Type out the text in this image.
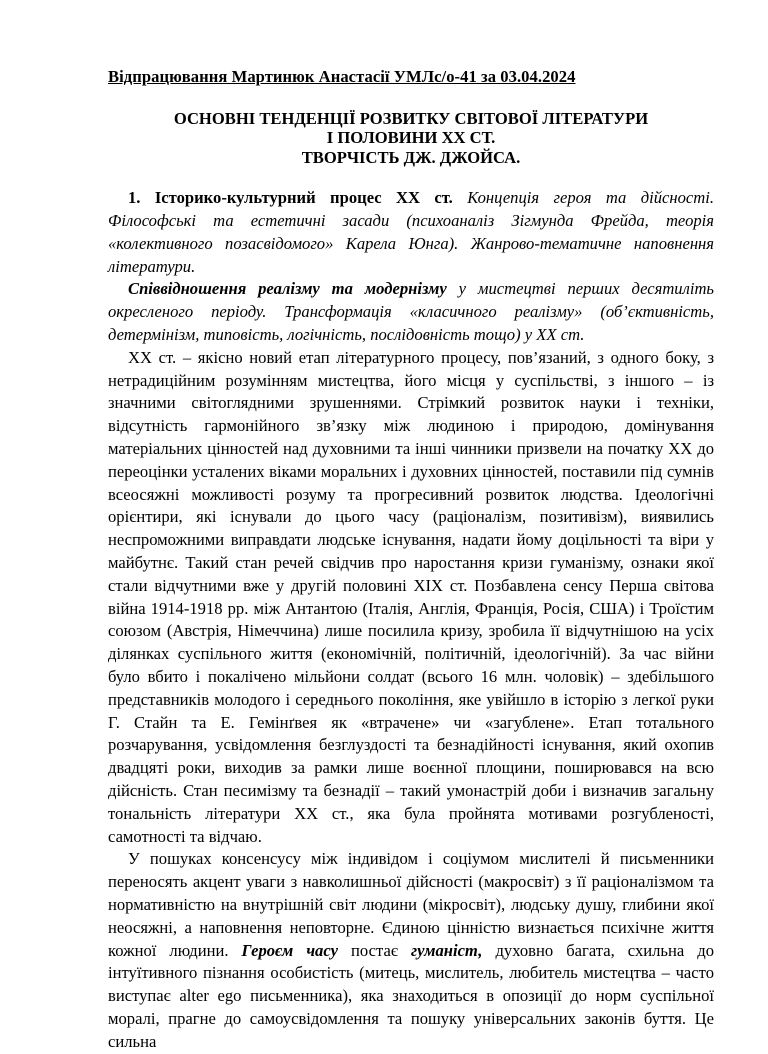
Відпрацювання Мартинюк Анастасії УМЛс/о-41 за 03.04.2024
ОСНОВНІ ТЕНДЕНЦІЇ РОЗВИТКУ СВІТОВОЇ ЛІТЕРАТУРИ
І ПОЛОВИНИ ХХ СТ.
ТВОРЧІСТЬ ДЖ. ДЖОЙСА.

1. Історико-культурний процес ХХ ст. Концепція героя та дійсності. Філософські та естетичні засади (психоаналіз Зігмунда Фрейда, теорія «колективного позасвідомого» Карела Юнга). Жанрово-тематичне наповнення літератури.

Співвідношення реалізму та модернізму у мистецтві перших десятиліть окресленого періоду. Трансформація «класичного реалізму» (об’єктивність, детермінізм, типовість, логічність, послідовність тощо) у ХХ ст.

ХХ ст. – якісно новий етап літературного процесу, пов’язаний, з одного боку, з нетрадиційним розумінням мистецтва, його місця у суспільстві, з іншого – із значними світоглядними зрушеннями. Стрімкий розвиток науки і техніки, відсутність гармонійного зв’язку між людиною і природою, домінування матеріальних цінностей над духовними та інші чинники призвели на початку ХХ до переоцінки усталених віками моральних і духовних цінностей, поставили під сумнів всеосяжні можливості розуму та прогресивний розвиток людства. Ідеологічні орієнтири, які існували до цього часу (раціоналізм, позитивізм), виявились неспроможними виправдати людське існування, надати йому доцільності та віри у майбутнє. Такий стан речей свідчив про наростання кризи гуманізму, ознаки якої стали відчутними вже у другій половині ХІХ ст. Позбавлена сенсу Перша світова війна 1914-1918 рр. між Антантою (Італія, Англія, Франція, Росія, США) і Троїстим союзом (Австрія, Німеччина) лише посилила кризу, зробила її відчутнішою на усіх ділянках суспільного життя (економічній, політичній, ідеологічній). За час війни було вбито і покалічено мільйони солдат (всього 16 млн. чоловік) – здебільшого представників молодого і середнього покоління, яке увійшло в історію з легкої руки Г. Стайн та Е. Гемінґвея як «втрачене» чи «загублене». Етап тотального розчарування, усвідомлення безглуздості та безнадійності існування, який охопив двадцяті роки, виходив за рамки лише воєнної площини, поширювався на всю дійсність. Стан песимізму та безнадії – такий умонастрій доби і визначив загальну тональність літератури ХХ ст., яка була пройнята мотивами розгубленості, самотності та відчаю.

У пошуках консенсусу між індивідом і соціумом мислителі й письменники переносять акцент уваги з навколишньої дійсності (макросвіт) з її раціоналізмом та нормативністю на внутрішній світ людини (мікросвіт), людську душу, глибини якої неосяжні, а наповнення неповторне. Єдиною цінністю визнається психічне життя кожної людини. Героєм часу постає гуманіст, духовно багата, схильна до інтуїтивного пізнання особистість (митець, мислитель, любитель мистецтва – часто виступає alter ego письменника), яка знаходиться в опозиції до норм суспільної моралі, прагне до самоусвідомлення та пошуку універсальних законів буття. Це сильна
